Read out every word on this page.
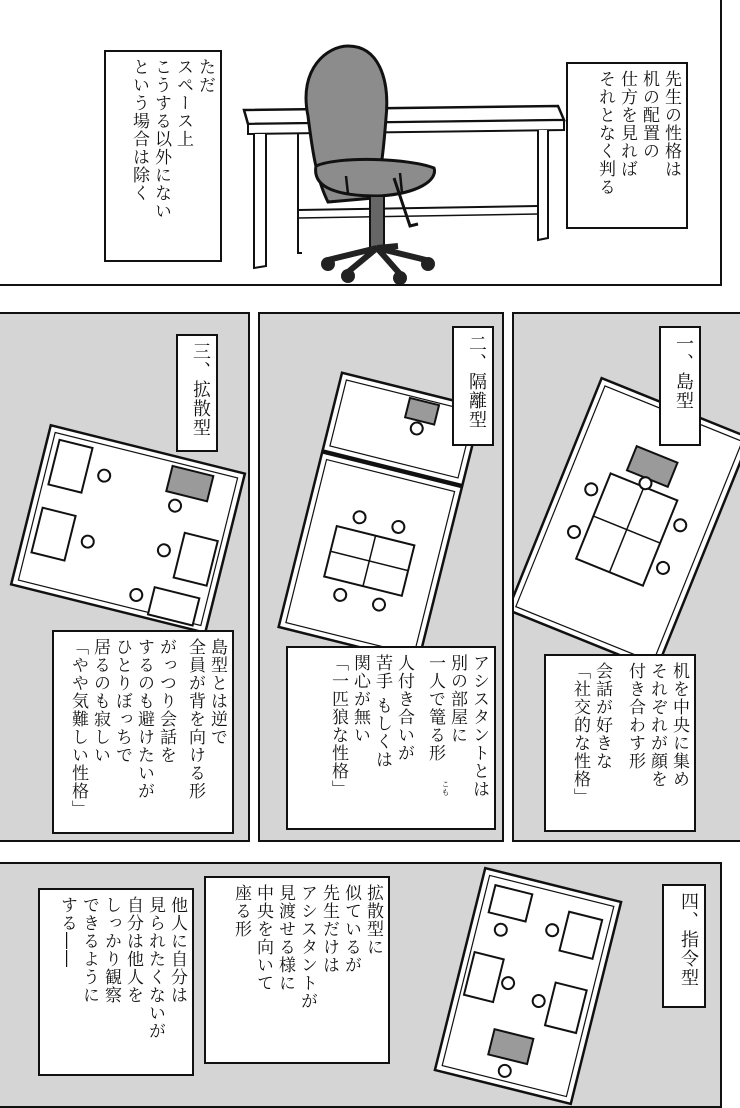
先生の性格は
机の配置の
仕方を見れば
それとなく判る
ただ
スペース上
こうする以外にない
という場合は除く
一、島型
机を中央に集め
それぞれが顔を
付き合わす形
会話が好きな
「社交的な性格」
二、隔離型
アシスタントとは
別の部屋に
一人で篭る形
人付き合いが
苦手 もしくは
関心が無い
「一匹狼な性格」
三、拡散型
島型とは逆で
全員が背を向ける形
がっつり会話を
するのも避けたいが
ひとりぼっちで
居るのも寂しい
「やや気難しい性格」
四、指令型
拡散型に
似ているが
先生だけは
アシスタントが
見渡せる様に
中央を向いて
座る形
他人に自分は
見られたくないが
自分は他人を
しっかり観察
できるように
する――
こも
